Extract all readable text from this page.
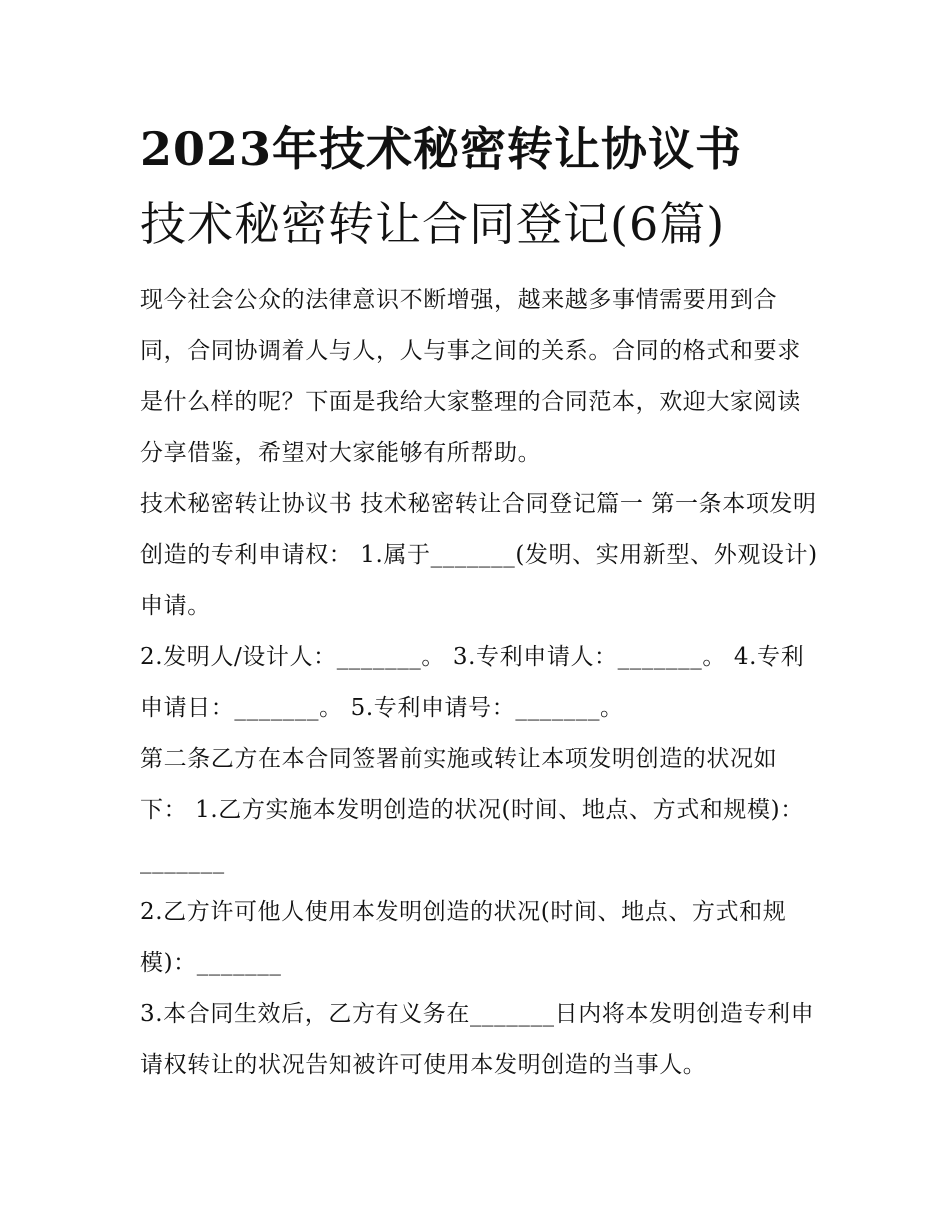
2023年技术秘密转让协议书
技术秘密转让合同登记(6篇)

现今社会公众的法律意识不断增强，越来越多事情需要用到合同，合同协调着人与人，人与事之间的关系。合同的格式和要求是什么样的呢？下面是我给大家整理的合同范本，欢迎大家阅读分享借鉴，希望对大家能够有所帮助。

技术秘密转让协议书 技术秘密转让合同登记篇一 第一条本项发明创造的专利申请权： 1.属于_______(发明、实用新型、外观设计)申请。

2.发明人/设计人：_______。 3.专利申请人：_______。 4.专利申请日：_______。 5.专利申请号：_______。

第二条乙方在本合同签署前实施或转让本项发明创造的状况如下： 1.乙方实施本发明创造的状况(时间、地点、方式和规模)：_______

2.乙方许可他人使用本发明创造的状况(时间、地点、方式和规模)：_______

3.本合同生效后，乙方有义务在_______日内将本发明创造专利申请权转让的状况告知被许可使用本发明创造的当事人。
